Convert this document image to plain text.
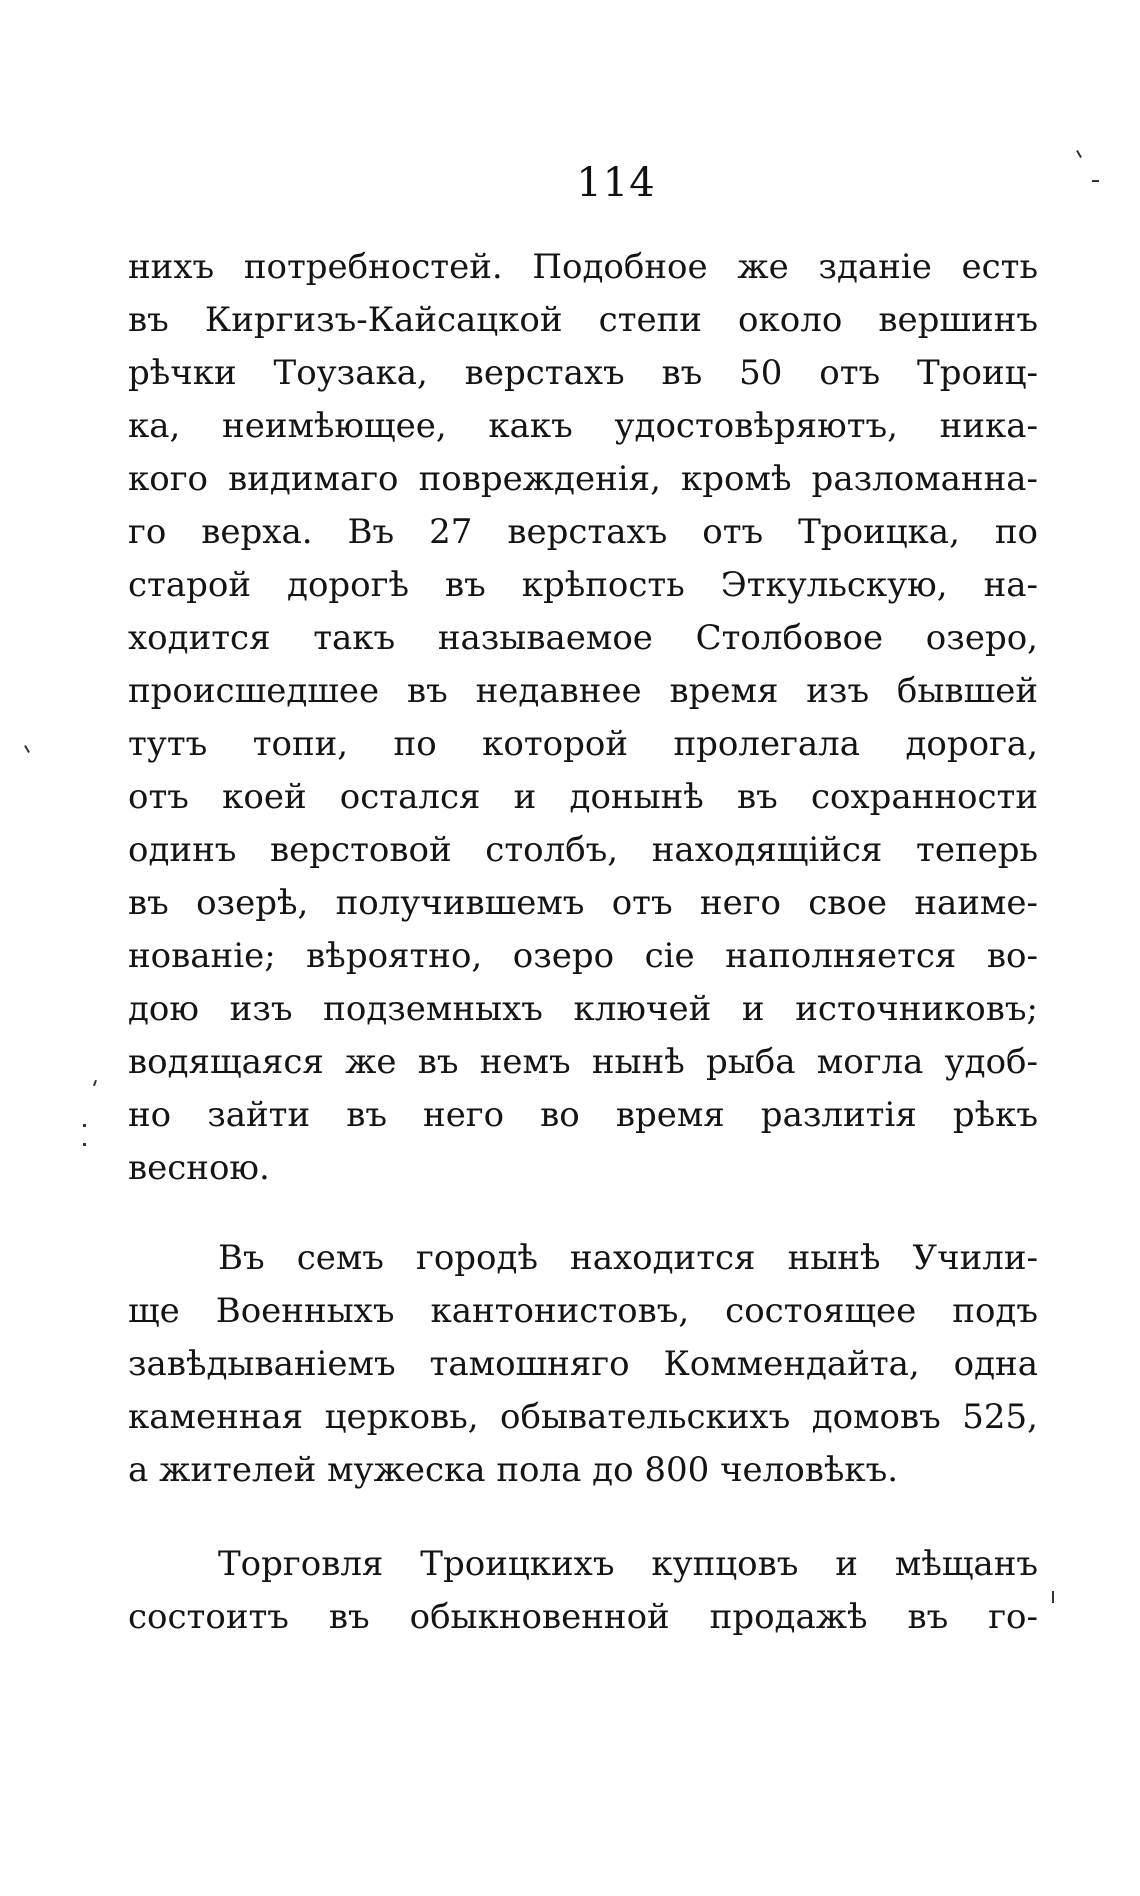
114
нихъ потребностей. Подобное же зданіе есть
въ Киргизъ-Кайсацкой степи около вершинъ
рѣчки Тоузака, верстахъ въ 50 отъ Троиц-
ка, неимѣющее, какъ удостовѣряютъ, ника-
кого видимаго поврежденія, кромѣ разломанна-
го верха. Въ 27 верстахъ отъ Троицка, по
старой дорогѣ въ крѣпость Эткульскую, на-
ходится такъ называемое Столбовое озеро,
происшедшее въ недавнее время изъ бывшей
тутъ топи, по которой пролегала дорога,
отъ коей остался и донынѣ въ сохранности
одинъ верстовой столбъ, находящійся теперь
въ озерѣ, получившемъ отъ него свое наиме-
нованіе; вѣроятно, озеро сіе наполняется во-
дою изъ подземныхъ ключей и источниковъ;
водящаяся же въ немъ нынѣ рыба могла удоб-
но зайти въ него во время разлитія рѣкъ
весною.
Въ семъ городѣ находится нынѣ Учили-
ще Военныхъ кантонистовъ, состоящее подъ
завѣдываніемъ тамошняго Коммендайта, одна
каменная церковь, обывательскихъ домовъ 525,
а жителей мужеска пола до 800 человѣкъ.
Торговля Троицкихъ купцовъ и мѣщанъ
состоитъ въ обыкновенной продажѣ въ го-
